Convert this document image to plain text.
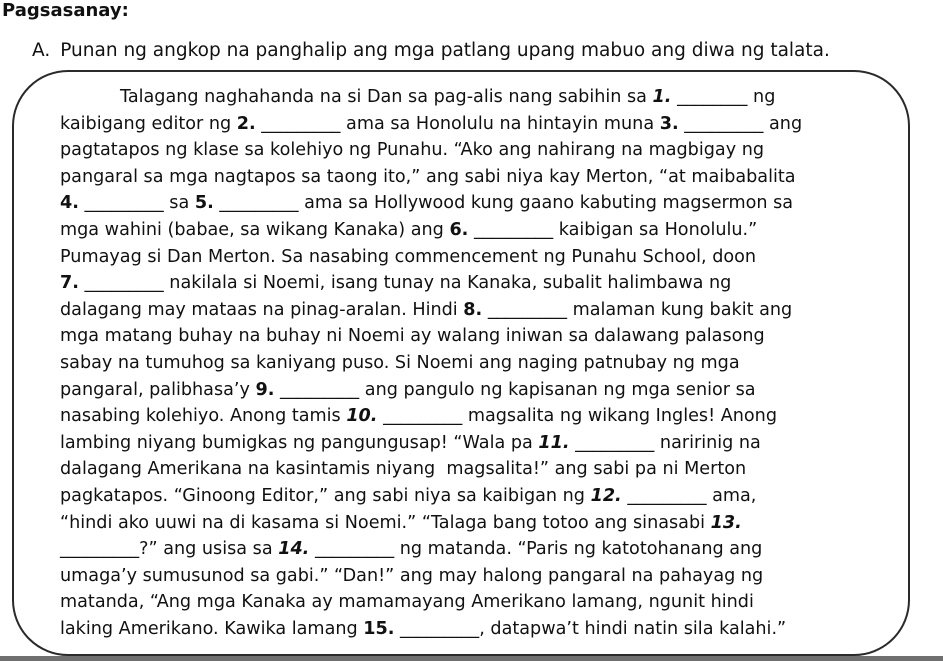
Pagsasanay:
A. Punan ng angkop na panghalip ang mga patlang upang mabuo ang diwa ng talata.
Talagang naghahanda na si Dan sa pag-alis nang sabihin sa 1. ________ ng
kaibigang editor ng 2. _________ ama sa Honolulu na hintayin muna 3. _________ ang
pagtatapos ng klase sa kolehiyo ng Punahu. “Ako ang nahirang na magbigay ng
pangaral sa mga nagtapos sa taong ito,” ang sabi niya kay Merton, “at maibabalita
4. _________ sa 5. _________ ama sa Hollywood kung gaano kabuting magsermon sa
mga wahini (babae, sa wikang Kanaka) ang 6. _________ kaibigan sa Honolulu.”
Pumayag si Dan Merton. Sa nasabing commencement ng Punahu School, doon
7. _________ nakilala si Noemi, isang tunay na Kanaka, subalit halimbawa ng
dalagang may mataas na pinag-aralan. Hindi 8. _________ malaman kung bakit ang
mga matang buhay na buhay ni Noemi ay walang iniwan sa dalawang palasong
sabay na tumuhog sa kaniyang puso. Si Noemi ang naging patnubay ng mga
pangaral, palibhasa’y 9. _________ ang pangulo ng kapisanan ng mga senior sa
nasabing kolehiyo. Anong tamis 10. _________ magsalita ng wikang Ingles! Anong
lambing niyang bumigkas ng pangungusap! “Wala pa 11. _________ naririnig na
dalagang Amerikana na kasintamis niyang  magsalita!” ang sabi pa ni Merton
pagkatapos. “Ginoong Editor,” ang sabi niya sa kaibigan ng 12. _________ ama,
“hindi ako uuwi na di kasama si Noemi.” “Talaga bang totoo ang sinasabi 13.
_________?” ang usisa sa 14. _________ ng matanda. “Paris ng katotohanang ang
umaga’y sumusunod sa gabi.” “Dan!” ang may halong pangaral na pahayag ng
matanda, “Ang mga Kanaka ay mamamayang Amerikano lamang, ngunit hindi
laking Amerikano. Kawika lamang 15. _________, datapwa’t hindi natin sila kalahi.”
